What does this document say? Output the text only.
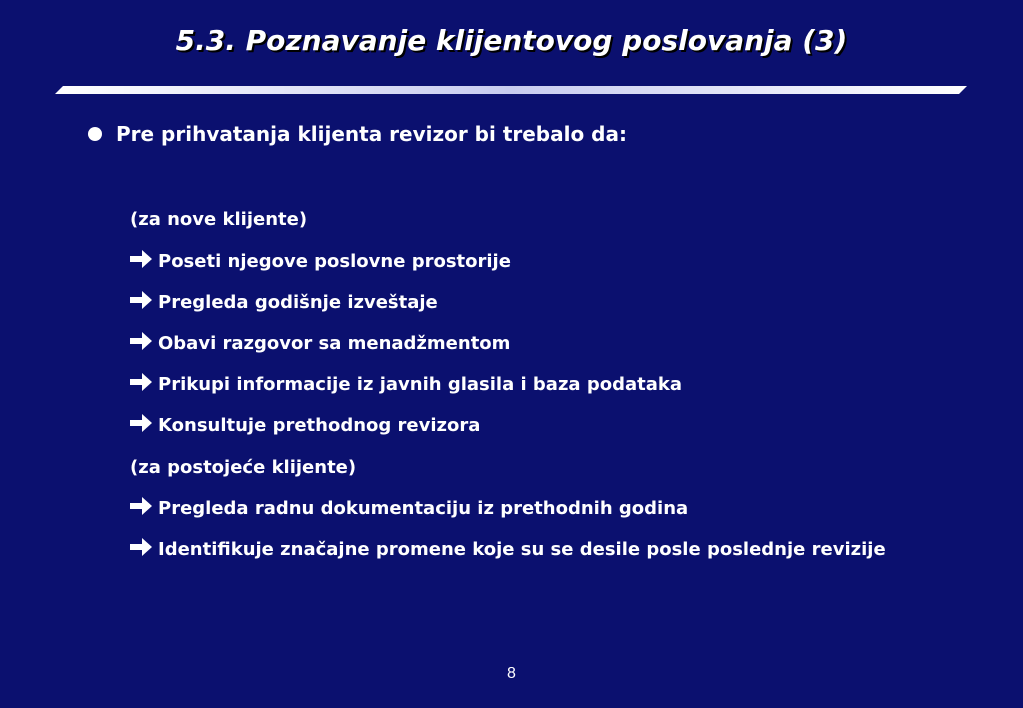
5.3. Poznavanje klijentovog poslovanja (3)
Pre prihvatanja klijenta revizor bi trebalo da:
(za nove klijente)
Poseti njegove poslovne prostorije
Pregleda godišnje izveštaje
Obavi razgovor sa menadžmentom
Prikupi informacije iz javnih glasila i baza podataka
Konsultuje prethodnog revizora
(za postojeće klijente)
Pregleda radnu dokumentaciju iz prethodnih godina
Identifikuje značajne promene koje su se desile posle poslednje revizije
8
